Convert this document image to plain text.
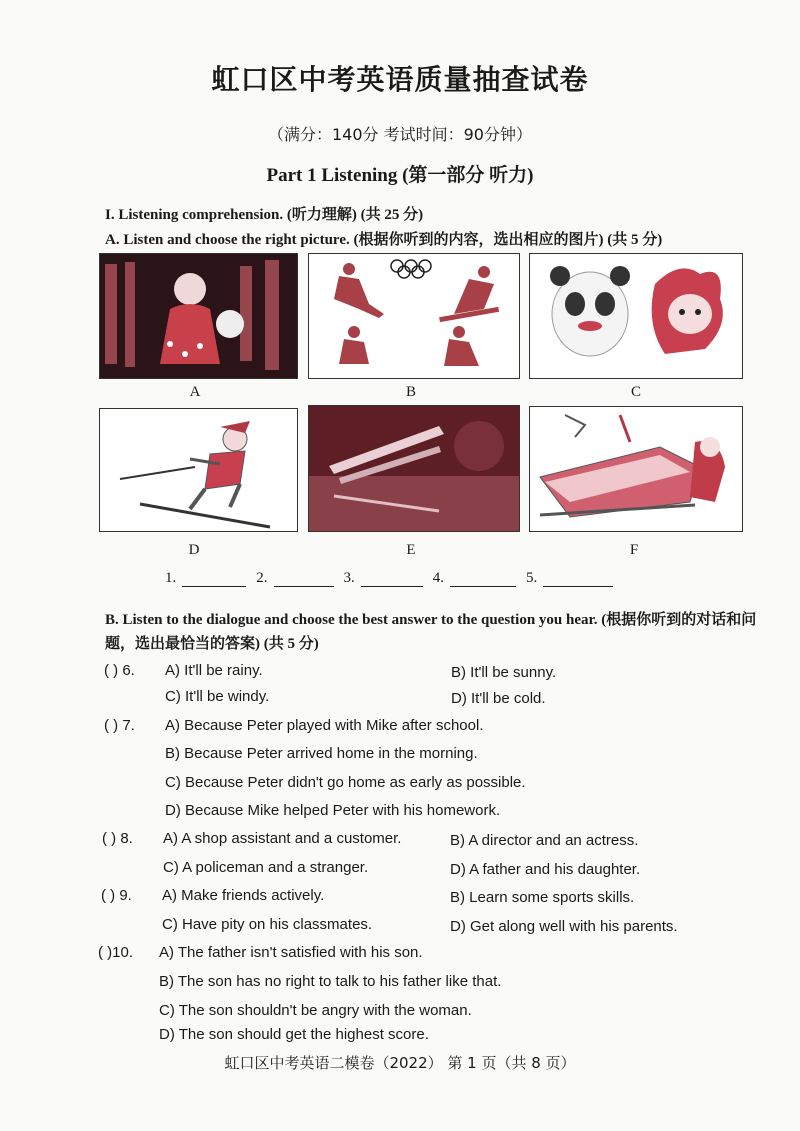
虹口区中考英语质量抽查试卷
（满分：140分 考试时间：90分钟）
Part 1 Listening (第一部分 听力)
I. Listening comprehension. (听力理解) (共 25 分)
A. Listen and choose the right picture. (根据你听到的内容，选出相应的图片) (共 5 分)
A	B	C
D	E	F
1.	2.	3.	4.	5.
B. Listen to the dialogue and choose the best answer to the question you hear. (根据你听到的对话和问题，选出最恰当的答案) (共 5 分)
( ) 6. A) It'll be rainy.	B) It'll be sunny.
C) It'll be windy.	D) It'll be cold.
( ) 7. A) Because Peter played with Mike after school.
B) Because Peter arrived home in the morning.
C) Because Peter didn't go home as early as possible.
D) Because Mike helped Peter with his homework.
( ) 8. A) A shop assistant and a customer.	B) A director and an actress.
C) A policeman and a stranger.	D) A father and his daughter.
( ) 9. A) Make friends actively.	B) Learn some sports skills.
C) Have pity on his classmates.	D) Get along well with his parents.
( )10. A) The father isn't satisfied with his son.
B) The son has no right to talk to his father like that.
C) The son shouldn't be angry with the woman.
D) The son should get the highest score.
虹口区中考英语二模卷（2022） 第 1 页（共 8 页）
